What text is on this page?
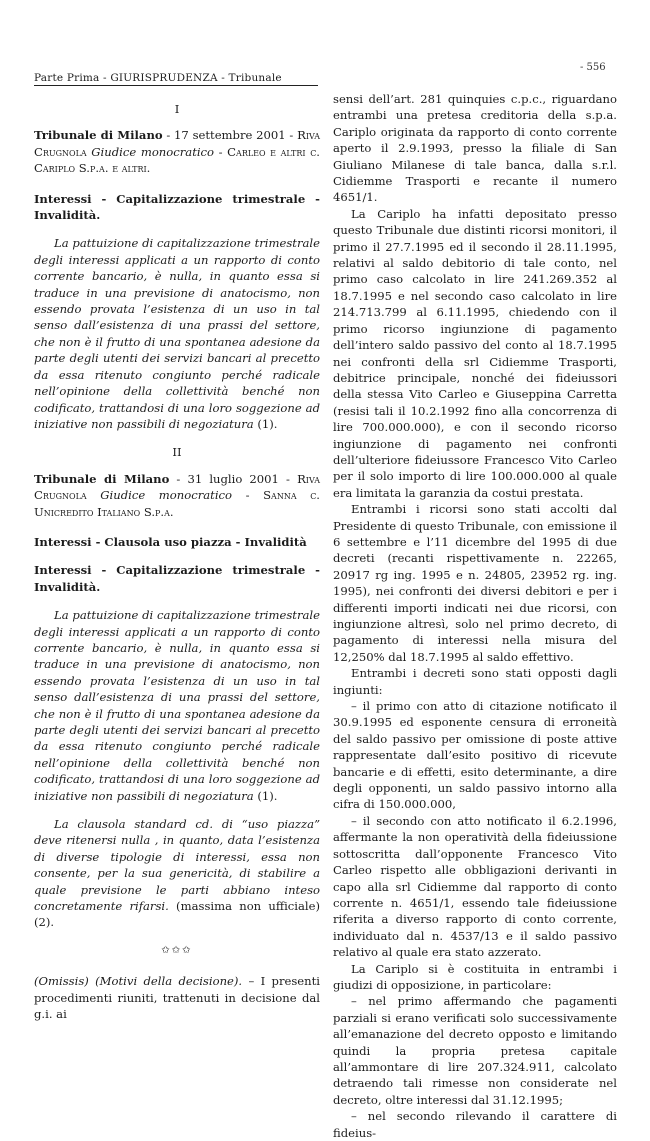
- 556
Parte Prima - GIURISPRUDENZA - Tribunale
I

Tribunale di Milano - 17 settembre 2001 - Riva Crugnola Giudice monocratico - Carleo e altri c. Cariplo S.p.a. e altri.

Interessi - Capitalizzazione trimestrale - Invalidità.

La pattuizione di capitalizzazione trimestrale degli interessi applicati a un rapporto di conto corrente bancario, è nulla, in quanto essa si traduce in una previsione di anatocismo, non essendo provata l’esistenza di un uso in tal senso dall’esistenza di una prassi del settore, che non è il frutto di una spontanea adesione da parte degli utenti dei servizi bancari al precetto da essa ritenuto congiunto perché radicale nell’opinione della collettività benché non codificato, trattandosi di una loro soggezione ad iniziative non passibili di negoziatura (1).

II

Tribunale di Milano - 31 luglio 2001 - Riva Crugnola Giudice monocratico - Sanna c. Unicredito Italiano S.p.a.

Interessi - Clausola uso piazza - Invalidità

Interessi - Capitalizzazione trimestrale - Invalidità.

La pattuizione di capitalizzazione trimestrale degli interessi applicati a un rapporto di conto corrente bancario, è nulla, in quanto essa si traduce in una previsione di anatocismo, non essendo provata l’esistenza di un uso in tal senso dall’esistenza di una prassi del settore, che non è il frutto di una spontanea adesione da parte degli utenti dei servizi bancari al precetto da essa ritenuto congiunto perché radicale nell’opinione della collettività benché non codificato, trattandosi di una loro soggezione ad iniziative non passibili di negoziatura (1).

La clausola standard cd. di “uso piazza” deve ritenersi nulla , in quanto, data l’esistenza di diverse tipologie di interessi, essa non consente, per la sua genericità, di stabilire a quale previsione le parti abbiano inteso concretamente rifarsi. (massima non ufficiale) (2).

✩✩✩

(Omissis) (Motivi della decisione). – I presenti procedimenti riuniti, trattenuti in decisione dal g.i. ai

sensi dell’art. 281 quinquies c.p.c., riguardano entrambi una pretesa creditoria della s.p.a. Cariplo originata da rapporto di conto corrente aperto il 2.9.1993, presso la filiale di San Giuliano Milanese di tale banca, dalla s.r.l. Cidiemme Trasporti e recante il numero 4651/1.

La Cariplo ha infatti depositato presso questo Tribunale due distinti ricorsi monitori, il primo il 27.7.1995 ed il secondo il 28.11.1995, relativi al saldo debitorio di tale conto, nel primo caso calcolato in lire 241.269.352 al 18.7.1995 e nel secondo caso calcolato in lire 214.713.799 al 6.11.1995, chiedendo con il primo ricorso ingiunzione di pagamento dell’intero saldo passivo del conto al 18.7.1995 nei confronti della srl Cidiemme Trasporti, debitrice principale, nonché dei fideiussori della stessa Vito Carleo e Giuseppina Carretta (resisi tali il 10.2.1992 fino alla concorrenza di lire 700.000.000), e con il secondo ricorso ingiunzione di pagamento nei confronti dell’ulteriore fideiussore Francesco Vito Carleo per il solo importo di lire 100.000.000 al quale era limitata la garanzia da costui prestata.

Entrambi i ricorsi sono stati accolti dal Presidente di questo Tribunale, con emissione il 6 settembre e l’11 dicembre del 1995 di due decreti (recanti rispettivamente n. 22265, 20917 rg ing. 1995 e n. 24805, 23952 rg. ing. 1995), nei confronti dei diversi debitori e per i differenti importi indicati nei due ricorsi, con ingiunzione altresì, solo nel primo decreto, di pagamento di interessi nella misura del 12,250% dal 18.7.1995 al saldo effettivo.

Entrambi i decreti sono stati opposti dagli ingiunti:

– il primo con atto di citazione notificato il 30.9.1995 ed esponente censura di erroneità del saldo passivo per omissione di poste attive rappresentate dall’esito positivo di ricevute bancarie e di effetti, esito determinante, a dire degli opponenti, un saldo passivo intorno alla cifra di 150.000.000,

– il secondo con atto notificato il 6.2.1996, affermante la non operatività della fideiussione sottoscritta dall’opponente Francesco Vito Carleo rispetto alle obbligazioni derivanti in capo alla srl Cidiemme dal rapporto di conto corrente n. 4651/1, essendo tale fideiussione riferita a diverso rapporto di conto corrente, individuato dal n. 4537/13 e il saldo passivo relativo al quale era stato azzerato.

La Cariplo si è costituita in entrambi i giudizi di opposizione, in particolare:

– nel primo affermando che pagamenti parziali si erano verificati solo successivamente all’emanazione del decreto opposto e limitando quindi la propria pretesa capitale all’ammontare di lire 207.324.911, calcolato detraendo tali rimesse non considerate nel decreto, oltre interessi dal 31.12.1995;

– nel secondo rilevando il carattere di fideius-
